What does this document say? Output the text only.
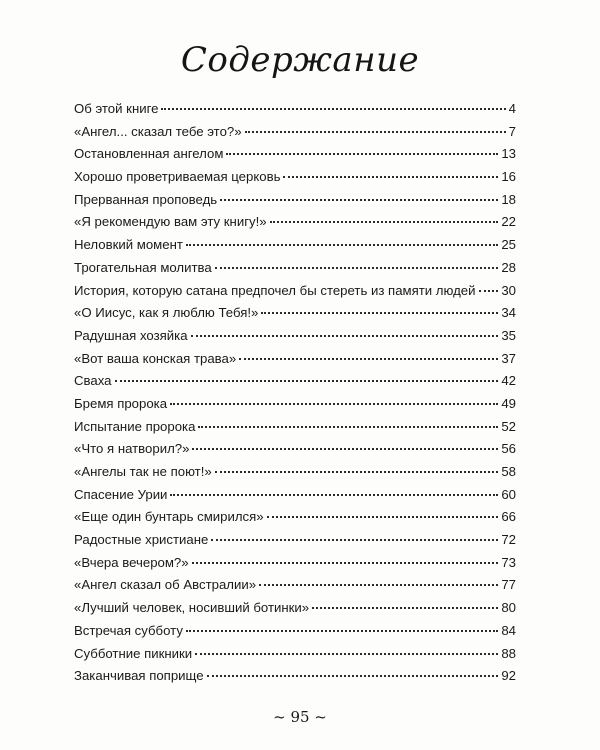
Содержание
Об этой книге	4
«Ангел... сказал тебе это?»	7
Остановленная ангелом	13
Хорошо проветриваемая церковь	16
Прерванная проповедь	18
«Я рекомендую вам эту книгу!»	22
Неловкий момент	25
Трогательная молитва	28
История, которую сатана предпочел бы стереть из памяти людей 30
«О Иисус, как я люблю Тебя!»	34
Радушная хозяйка	35
«Вот ваша конская трава»	37
Сваха	42
Бремя пророка	49
Испытание пророка	52
«Что я натворил?»	56
«Ангелы так не поют!»	58
Спасение Урии	60
«Еще один бунтарь смирился»	66
Радостные христиане	72
«Вчера вечером?»	73
«Ангел сказал об Австралии»	77
«Лучший человек, носивший ботинки»	80
Встречая субботу	84
Субботние пикники	88
Заканчивая поприще	92
~ 95 ~
